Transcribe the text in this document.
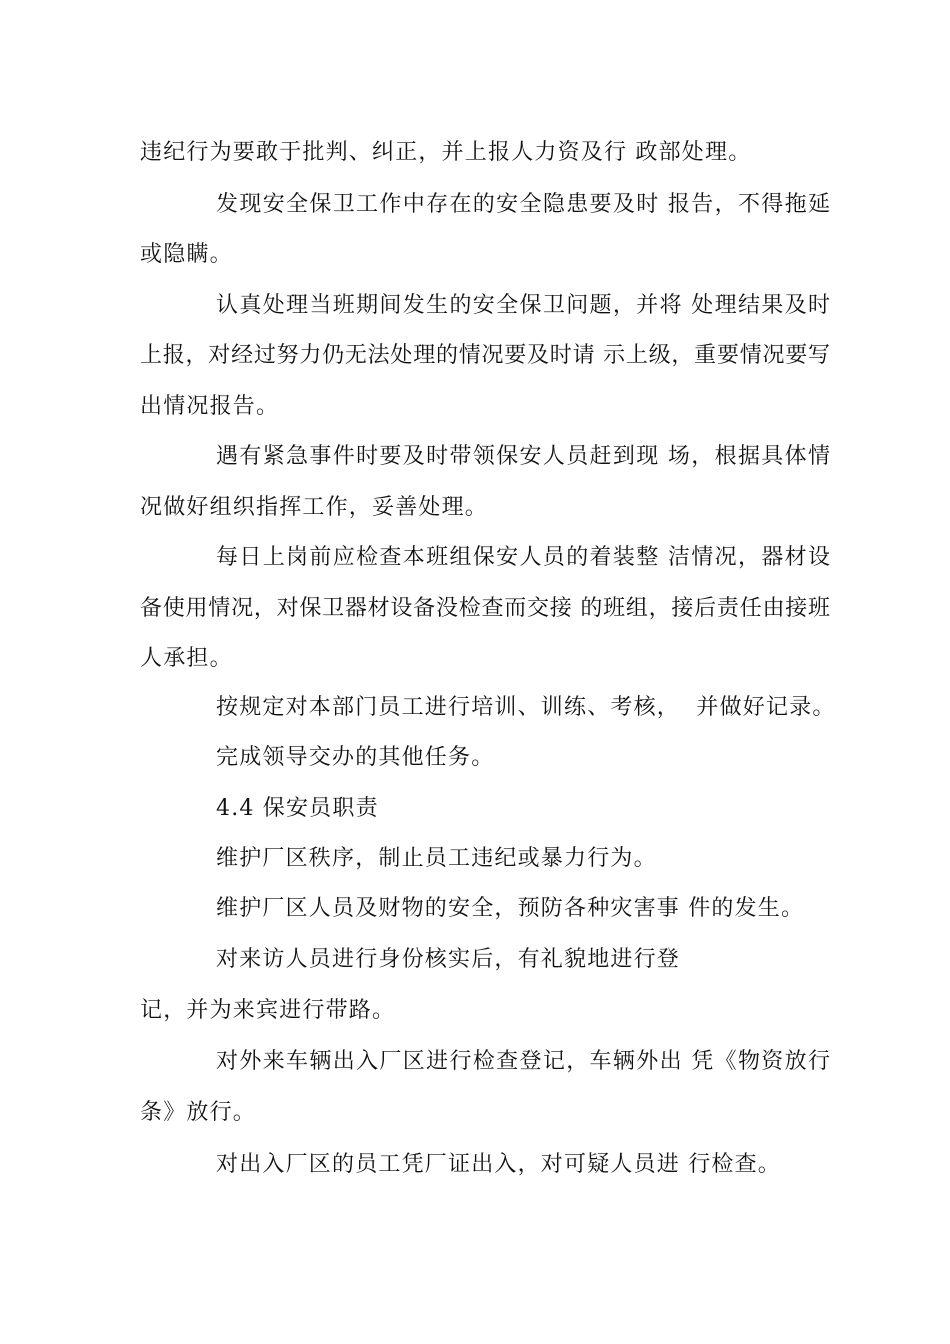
违纪行为要敢于批判、纠正，并上报人力资及行 政部处理。
发现安全保卫工作中存在的安全隐患要及时 报告，不得拖延
或隐瞒。
认真处理当班期间发生的安全保卫问题，并将 处理结果及时
上报，对经过努力仍无法处理的情况要及时请 示上级，重要情况要写
出情况报告。
遇有紧急事件时要及时带领保安人员赶到现 场，根据具体情
况做好组织指挥工作，妥善处理。
每日上岗前应检查本班组保安人员的着装整 洁情况，器材设
备使用情况，对保卫器材设备没检查而交接 的班组，接后责任由接班
人承担。
按规定对本部门员工进行培训、训练、考核，  并做好记录。
完成领导交办的其他任务。
4.4 保安员职责
维护厂区秩序，制止员工违纪或暴力行为。
维护厂区人员及财物的安全，预防各种灾害事 件的发生。
对来访人员进行身份核实后，有礼貌地进行登
记，并为来宾进行带路。
对外来车辆出入厂区进行检查登记，车辆外出 凭《物资放行
条》放行。
对出入厂区的员工凭厂证出入，对可疑人员进 行检查。
